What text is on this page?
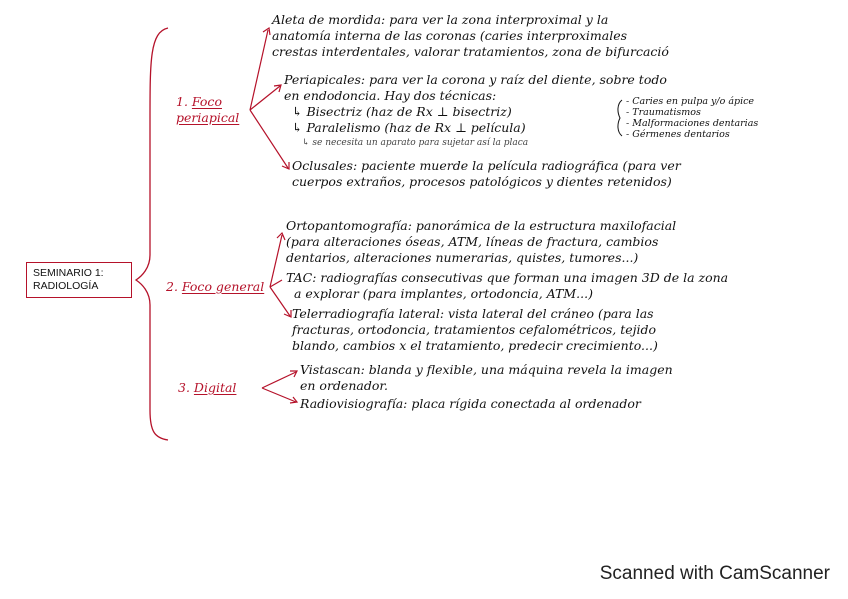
SEMINARIO 1:
RADIOLOGÍA
1. Foco
periapical
2. Foco general
3. Digital
Aleta de mordida: para ver la zona interproximal y la
anatomía interna de las coronas (caries interproximales
crestas interdentales, valorar tratamientos, zona de bifurcació
Periapicales: para ver la corona y raíz del diente, sobre todo
en endodoncia. Hay dos técnicas:
↳ Bisectriz (haz de Rx ⊥ bisectriz)
↳ Paralelismo (haz de Rx ⊥ película)
- Caries en pulpa y/o ápice
- Traumatismos
- Malformaciones dentarias
- Gérmenes dentarios
↳ se necesita un aparato para sujetar así la placa
Oclusales: paciente muerde la película radiográfica (para ver
cuerpos extraños, procesos patológicos y dientes retenidos)
Ortopantomografía: panorámica de la estructura maxilofacial
(para alteraciones óseas, ATM, líneas de fractura, cambios
dentarios, alteraciones numerarias, quistes, tumores...)
TAC: radiografías consecutivas que forman una imagen 3D de la zona
a explorar (para implantes, ortodoncia, ATM...)
Telerradiografía lateral: vista lateral del cráneo (para las
fracturas, ortodoncia, tratamientos cefalométricos, tejido
blando, cambios x el tratamiento, predecir crecimiento...)
Vistascan: blanda y flexible, una máquina revela la imagen
en ordenador.
Radiovisiografía: placa rígida conectada al ordenador
Scanned with CamScanner
